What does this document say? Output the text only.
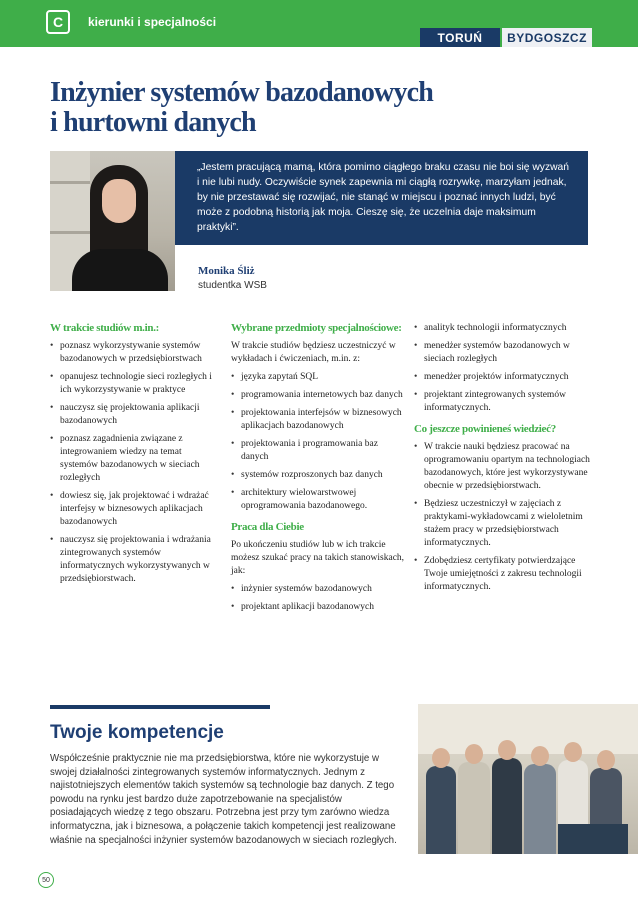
C	kierunki i specjalności
TORUŃ	BYDGOSZCZ
Inżynier systemów bazodanowych
i hurtowni danych
„Jestem pracującą mamą, która pomimo ciągłego braku czasu nie boi się wyzwań i nie lubi nudy. Oczywiście synek zapewnia mi ciągłą rozrywkę, marzyłam jednak, by nie przestawać się rozwijać, nie stanąć w miejscu i poznać innych ludzi, być może z podobną historią jak moja. Cieszę się, że uczelnia daje maksimum praktyki”.
Monika Śliż
studentka WSB
W trakcie studiów m.in.:
• poznasz wykorzystywanie systemów bazodanowych w przedsiębiorstwach
• opanujesz technologie sieci rozległych i ich wykorzystywanie w praktyce
• nauczysz się projektowania aplikacji bazodanowych
• poznasz zagadnienia związane z integrowaniem wiedzy na temat systemów bazodanowych w sieciach rozległych
• dowiesz się, jak projektować i wdrażać interfejsy w biznesowych aplikacjach bazodanowych
• nauczysz się projektowania i wdrażania zintegrowanych systemów informatycznych wykorzystywanych w przedsiębiorstwach.
Wybrane przedmioty specjalnościowe:

W trakcie studiów będziesz uczestniczyć w wykładach i ćwiczeniach, m.in. z:

• języka zapytań SQL
• programowania internetowych baz danych
• projektowania interfejsów w biznesowych aplikacjach bazodanowych
• projektowania i programowania baz danych
• systemów rozproszonych baz danych
• architektury wielowarstwowej oprogramowania bazodanowego.
Praca dla Ciebie

Po ukończeniu studiów lub w ich trakcie możesz szukać pracy na takich stanowiskach, jak:

• inżynier systemów bazodanowych
• projektant aplikacji bazodanowych
• analityk technologii informatycznych
• menedżer systemów bazodanowych w sieciach rozległych
• menedżer projektów informatycznych
• projektant zintegrowanych systemów informatycznych.
Co jeszcze powinieneś wiedzieć?
• W trakcie nauki będziesz pracować na oprogramowaniu opartym na technologiach bazodanowych, które jest wykorzystywane obecnie w przedsiębiorstwach.
• Będziesz uczestniczył w zajęciach z praktykami-wykładowcami z wieloletnim stażem pracy w przedsiębiorstwach informatycznych.
• Zdobędziesz certyfikaty potwierdzające Twoje umiejętności z zakresu technologii informatycznych.
Twoje kompetencje

Współcześnie praktycznie nie ma przedsiębiorstwa, które nie wykorzystuje w swojej działalności zintegrowanych systemów informatycznych. Jednym z najistotniejszych elementów takich systemów są technologie baz danych. Z tego powodu na rynku jest bardzo duże zapotrzebowanie na specjalistów posiadających wiedzę z tego obszaru. Potrzebna jest przy tym zarówno wiedza informatyczna, jak i biznesowa, a połączenie takich kompetencji jest realizowane właśnie na specjalności inżynier systemów bazodanowych w sieciach rozległych.

50
